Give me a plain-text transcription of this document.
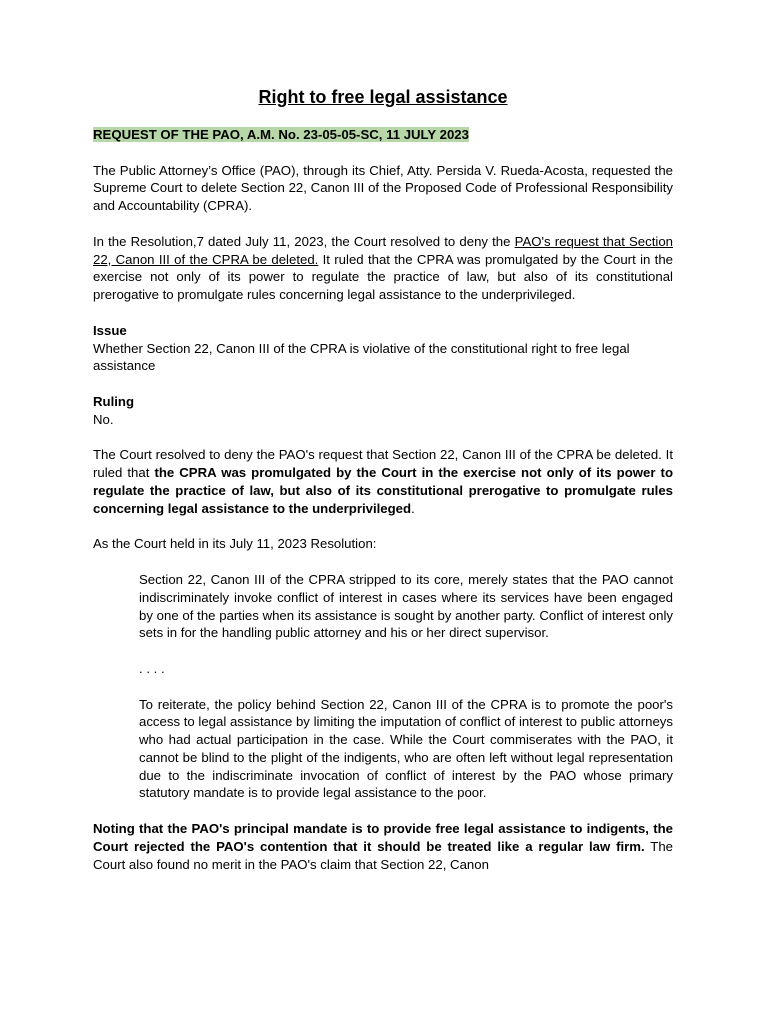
Right to free legal assistance

REQUEST OF THE PAO, A.M. No. 23-05-05-SC, 11 JULY 2023

The Public Attorney’s Office (PAO), through its Chief, Atty. Persida V. Rueda-Acosta, requested the Supreme Court to delete Section 22, Canon III of the Proposed Code of Professional Responsibility and Accountability (CPRA).

In the Resolution,7 dated July 11, 2023, the Court resolved to deny the PAO's request that Section 22, Canon III of the CPRA be deleted. It ruled that the CPRA was promulgated by the Court in the exercise not only of its power to regulate the practice of law, but also of its constitutional prerogative to promulgate rules concerning legal assistance to the underprivileged.

Issue

Whether Section 22, Canon III of the CPRA is violative of the constitutional right to free legal assistance

Ruling

No.

The Court resolved to deny the PAO's request that Section 22, Canon III of the CPRA be deleted. It ruled that the CPRA was promulgated by the Court in the exercise not only of its power to regulate the practice of law, but also of its constitutional prerogative to promulgate rules concerning legal assistance to the underprivileged.

As the Court held in its July 11, 2023 Resolution:

Section 22, Canon III of the CPRA stripped to its core, merely states that the PAO cannot indiscriminately invoke conflict of interest in cases where its services have been engaged by one of the parties when its assistance is sought by another party. Conflict of interest only sets in for the handling public attorney and his or her direct supervisor.

. . . .

To reiterate, the policy behind Section 22, Canon III of the CPRA is to promote the poor's access to legal assistance by limiting the imputation of conflict of interest to public attorneys who had actual participation in the case. While the Court commiserates with the PAO, it cannot be blind to the plight of the indigents, who are often left without legal representation due to the indiscriminate invocation of conflict of interest by the PAO whose primary statutory mandate is to provide legal assistance to the poor.

Noting that the PAO's principal mandate is to provide free legal assistance to indigents, the Court rejected the PAO's contention that it should be treated like a regular law firm. The Court also found no merit in the PAO's claim that Section 22, Canon
